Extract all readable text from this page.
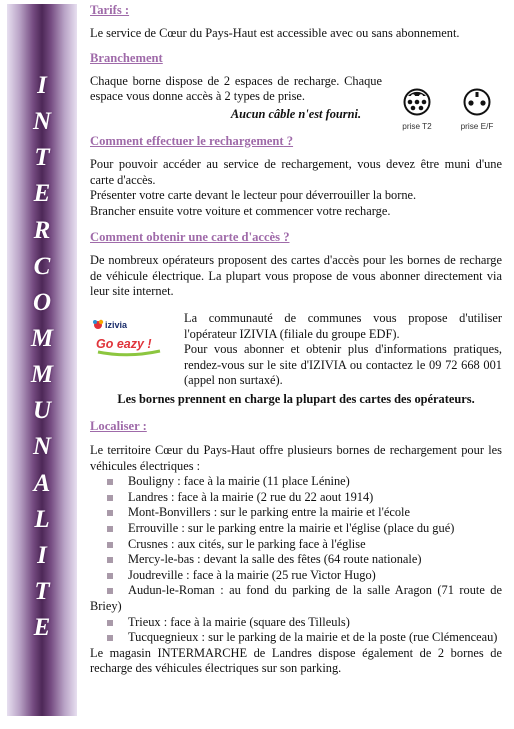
I
N
T
E
R
C
O
M
M
U
N
A
L
I
T
E

Tarifs :

Le service de Cœur du Pays-Haut est accessible avec ou sans abonnement.

Branchement

Chaque borne dispose de 2 espaces de recharge. Chaque espace vous donne accès à 2 types de prise.

Aucun câble n'est fourni.

prise T2	prise E/F

Comment effectuer le rechargement ?

Pour pouvoir accéder au service de rechargement, vous devez être muni d'une carte d'accès.

Présenter votre carte devant le lecteur pour déverrouiller la borne.

Brancher ensuite votre voiture et commencer votre recharge.

Comment obtenir une carte d'accès ?

De nombreux opérateurs proposent des cartes d'accès pour les bornes de recharge de véhicule électrique. La plupart vous propose de vous abonner directement via leur site internet.

izivia
Go eazy !

La communauté de communes vous propose d'utiliser l'opérateur IZIVIA (filiale du groupe EDF).

Pour vous abonner et obtenir plus d'informations pratiques, rendez-vous sur le site d'IZIVIA ou contactez le 09 72 668 001 (appel non surtaxé).

Les bornes prennent en charge la plupart des cartes des opérateurs.

Localiser :

Le territoire Cœur du Pays-Haut offre plusieurs bornes de rechargement pour les véhicules électriques :

Bouligny : face à la mairie (11 place Lénine)
Landres : face à la mairie (2 rue du 22 aout 1914)
Mont-Bonvillers : sur le parking entre la mairie et l'école
Errouville : sur le parking entre la mairie et l'église (place du gué)
Crusnes : aux cités, sur le parking face à l'église
Mercy-le-bas : devant la salle des fêtes (64 route nationale)
Joudreville : face à la mairie (25 rue Victor Hugo)
Audun-le-Roman : au fond du parking de la salle Aragon (71 route de Briey)
Trieux : face à la mairie (square des Tilleuls)
Tucquegnieux : sur le parking de la mairie et de la poste (rue Clémenceau)

Le magasin INTERMARCHE de Landres dispose également de 2 bornes de recharge des véhicules électriques sur son parking.
